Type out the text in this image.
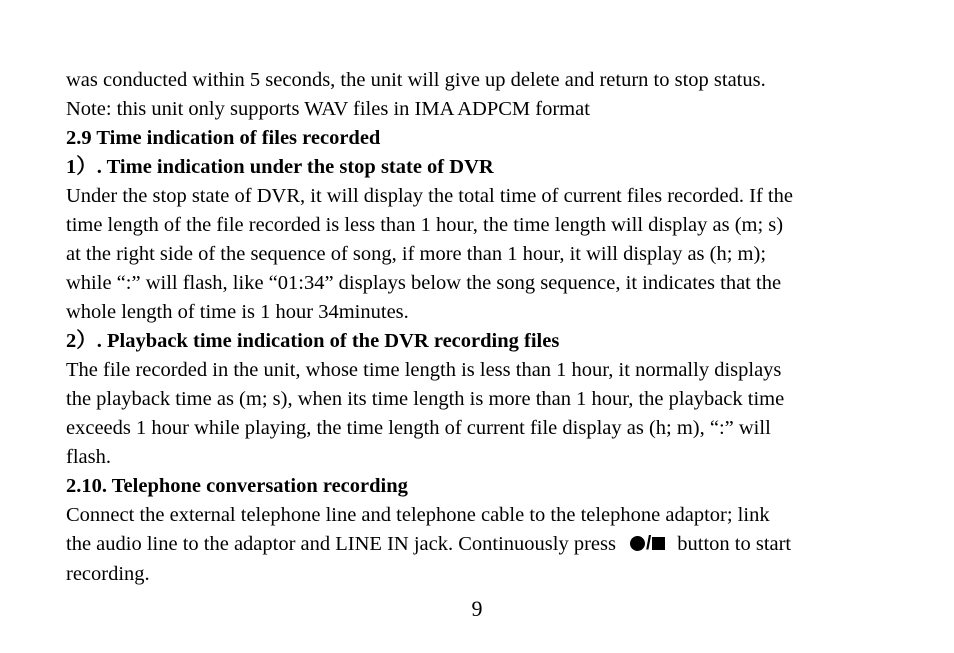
was conducted within 5 seconds, the unit will give up delete and return to stop status.
Note: this unit only supports WAV files in IMA ADPCM format
2.9 Time indication of files recorded
1）. Time indication under the stop state of DVR
Under the stop state of DVR, it will display the total time of current files recorded. If the
time length of the file recorded is less than 1 hour, the time length will display as (m; s)
at the right side of the sequence of song, if more than 1 hour, it will display as (h; m);
while “:” will flash, like “01:34” displays below the song sequence, it indicates that the
whole length of time is 1 hour 34minutes.
2）. Playback time indication of the DVR recording files
The file recorded in the unit, whose time length is less than 1 hour, it normally displays
the playback time as (m; s), when its time length is more than 1 hour, the playback time
exceeds 1 hour while playing, the time length of current file display as (h; m), “:” will
flash.
2.10. Telephone conversation recording
Connect the external telephone line and telephone cable to the telephone adaptor; link
the audio line to the adaptor and LINE IN jack. Continuously press / button to start
recording.
9
